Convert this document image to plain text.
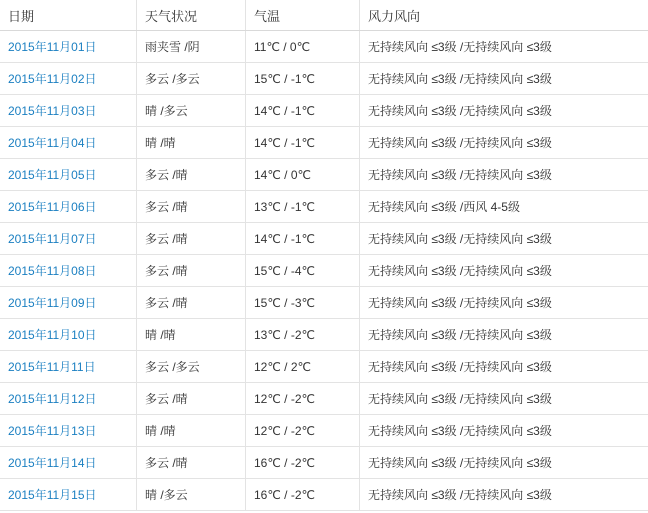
日期	天气状况	气温	风力风向
2015年11月01日	雨夹雪 /阴	11℃ / 0℃	无持续风向 ≤3级 /无持续风向 ≤3级
2015年11月02日	多云 /多云	15℃ / -1℃	无持续风向 ≤3级 /无持续风向 ≤3级
2015年11月03日	晴 /多云	14℃ / -1℃	无持续风向 ≤3级 /无持续风向 ≤3级
2015年11月04日	晴 /晴	14℃ / -1℃	无持续风向 ≤3级 /无持续风向 ≤3级
2015年11月05日	多云 /晴	14℃ / 0℃	无持续风向 ≤3级 /无持续风向 ≤3级
2015年11月06日	多云 /晴	13℃ / -1℃	无持续风向 ≤3级 /西风 4-5级
2015年11月07日	多云 /晴	14℃ / -1℃	无持续风向 ≤3级 /无持续风向 ≤3级
2015年11月08日	多云 /晴	15℃ / -4℃	无持续风向 ≤3级 /无持续风向 ≤3级
2015年11月09日	多云 /晴	15℃ / -3℃	无持续风向 ≤3级 /无持续风向 ≤3级
2015年11月10日	晴 /晴	13℃ / -2℃	无持续风向 ≤3级 /无持续风向 ≤3级
2015年11月11日	多云 /多云	12℃ / 2℃	无持续风向 ≤3级 /无持续风向 ≤3级
2015年11月12日	多云 /晴	12℃ / -2℃	无持续风向 ≤3级 /无持续风向 ≤3级
2015年11月13日	晴 /晴	12℃ / -2℃	无持续风向 ≤3级 /无持续风向 ≤3级
2015年11月14日	多云 /晴	16℃ / -2℃	无持续风向 ≤3级 /无持续风向 ≤3级
2015年11月15日	晴 /多云	16℃ / -2℃	无持续风向 ≤3级 /无持续风向 ≤3级
